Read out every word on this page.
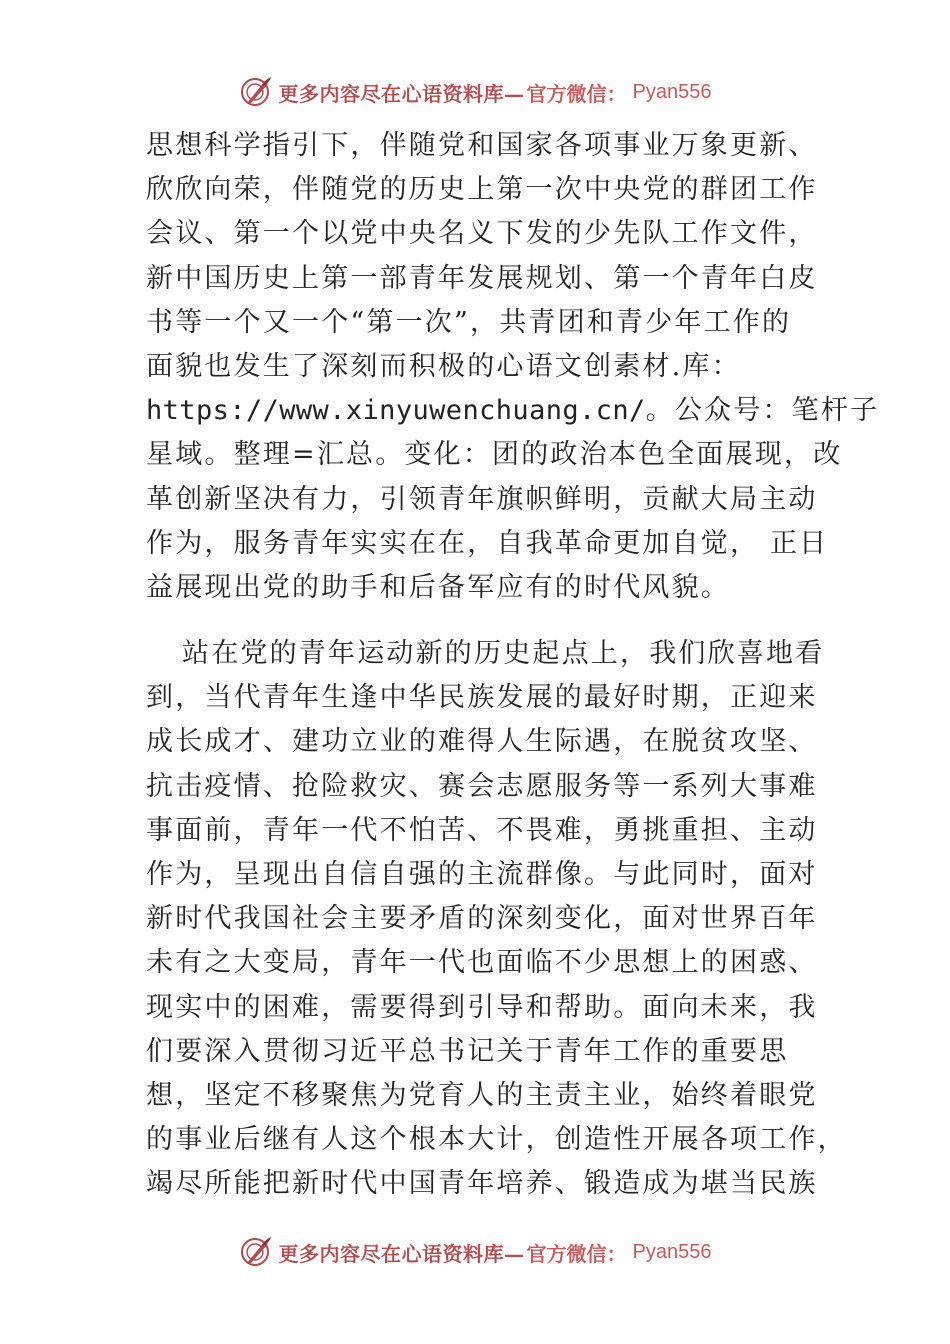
更多内容尽在心语资料库— 官方微信： Pyan556
思想科学指引下，伴随党和国家各项事业万象更新、
欣欣向荣，伴随党的历史上第一次中央党的群团工作
会议、第一个以党中央名义下发的少先队工作文件，
新中国历史上第一部青年发展规划、第一个青年白皮
书等一个又一个“第一次”，共青团和青少年工作的
面貌也发生了深刻而积极的心语文创素材.库：
https://www.xinyuwenchuang.cn/。公众号：笔杆子
星域。整理=汇总。变化：团的政治本色全面展现，改
革创新坚决有力，引领青年旗帜鲜明，贡献大局主动
作为，服务青年实实在在，自我革命更加自觉， 正日
益展现出党的助手和后备军应有的时代风貌。
站在党的青年运动新的历史起点上，我们欣喜地看
到，当代青年生逢中华民族发展的最好时期，正迎来
成长成才、建功立业的难得人生际遇，在脱贫攻坚、
抗击疫情、抢险救灾、赛会志愿服务等一系列大事难
事面前，青年一代不怕苦、不畏难，勇挑重担、主动
作为，呈现出自信自强的主流群像。与此同时，面对
新时代我国社会主要矛盾的深刻变化，面对世界百年
未有之大变局，青年一代也面临不少思想上的困惑、
现实中的困难，需要得到引导和帮助。面向未来，我
们要深入贯彻习近平总书记关于青年工作的重要思
想，坚定不移聚焦为党育人的主责主业，始终着眼党
的事业后继有人这个根本大计，创造性开展各项工作，
竭尽所能把新时代中国青年培养、锻造成为堪当民族
更多内容尽在心语资料库— 官方微信： Pyan556
